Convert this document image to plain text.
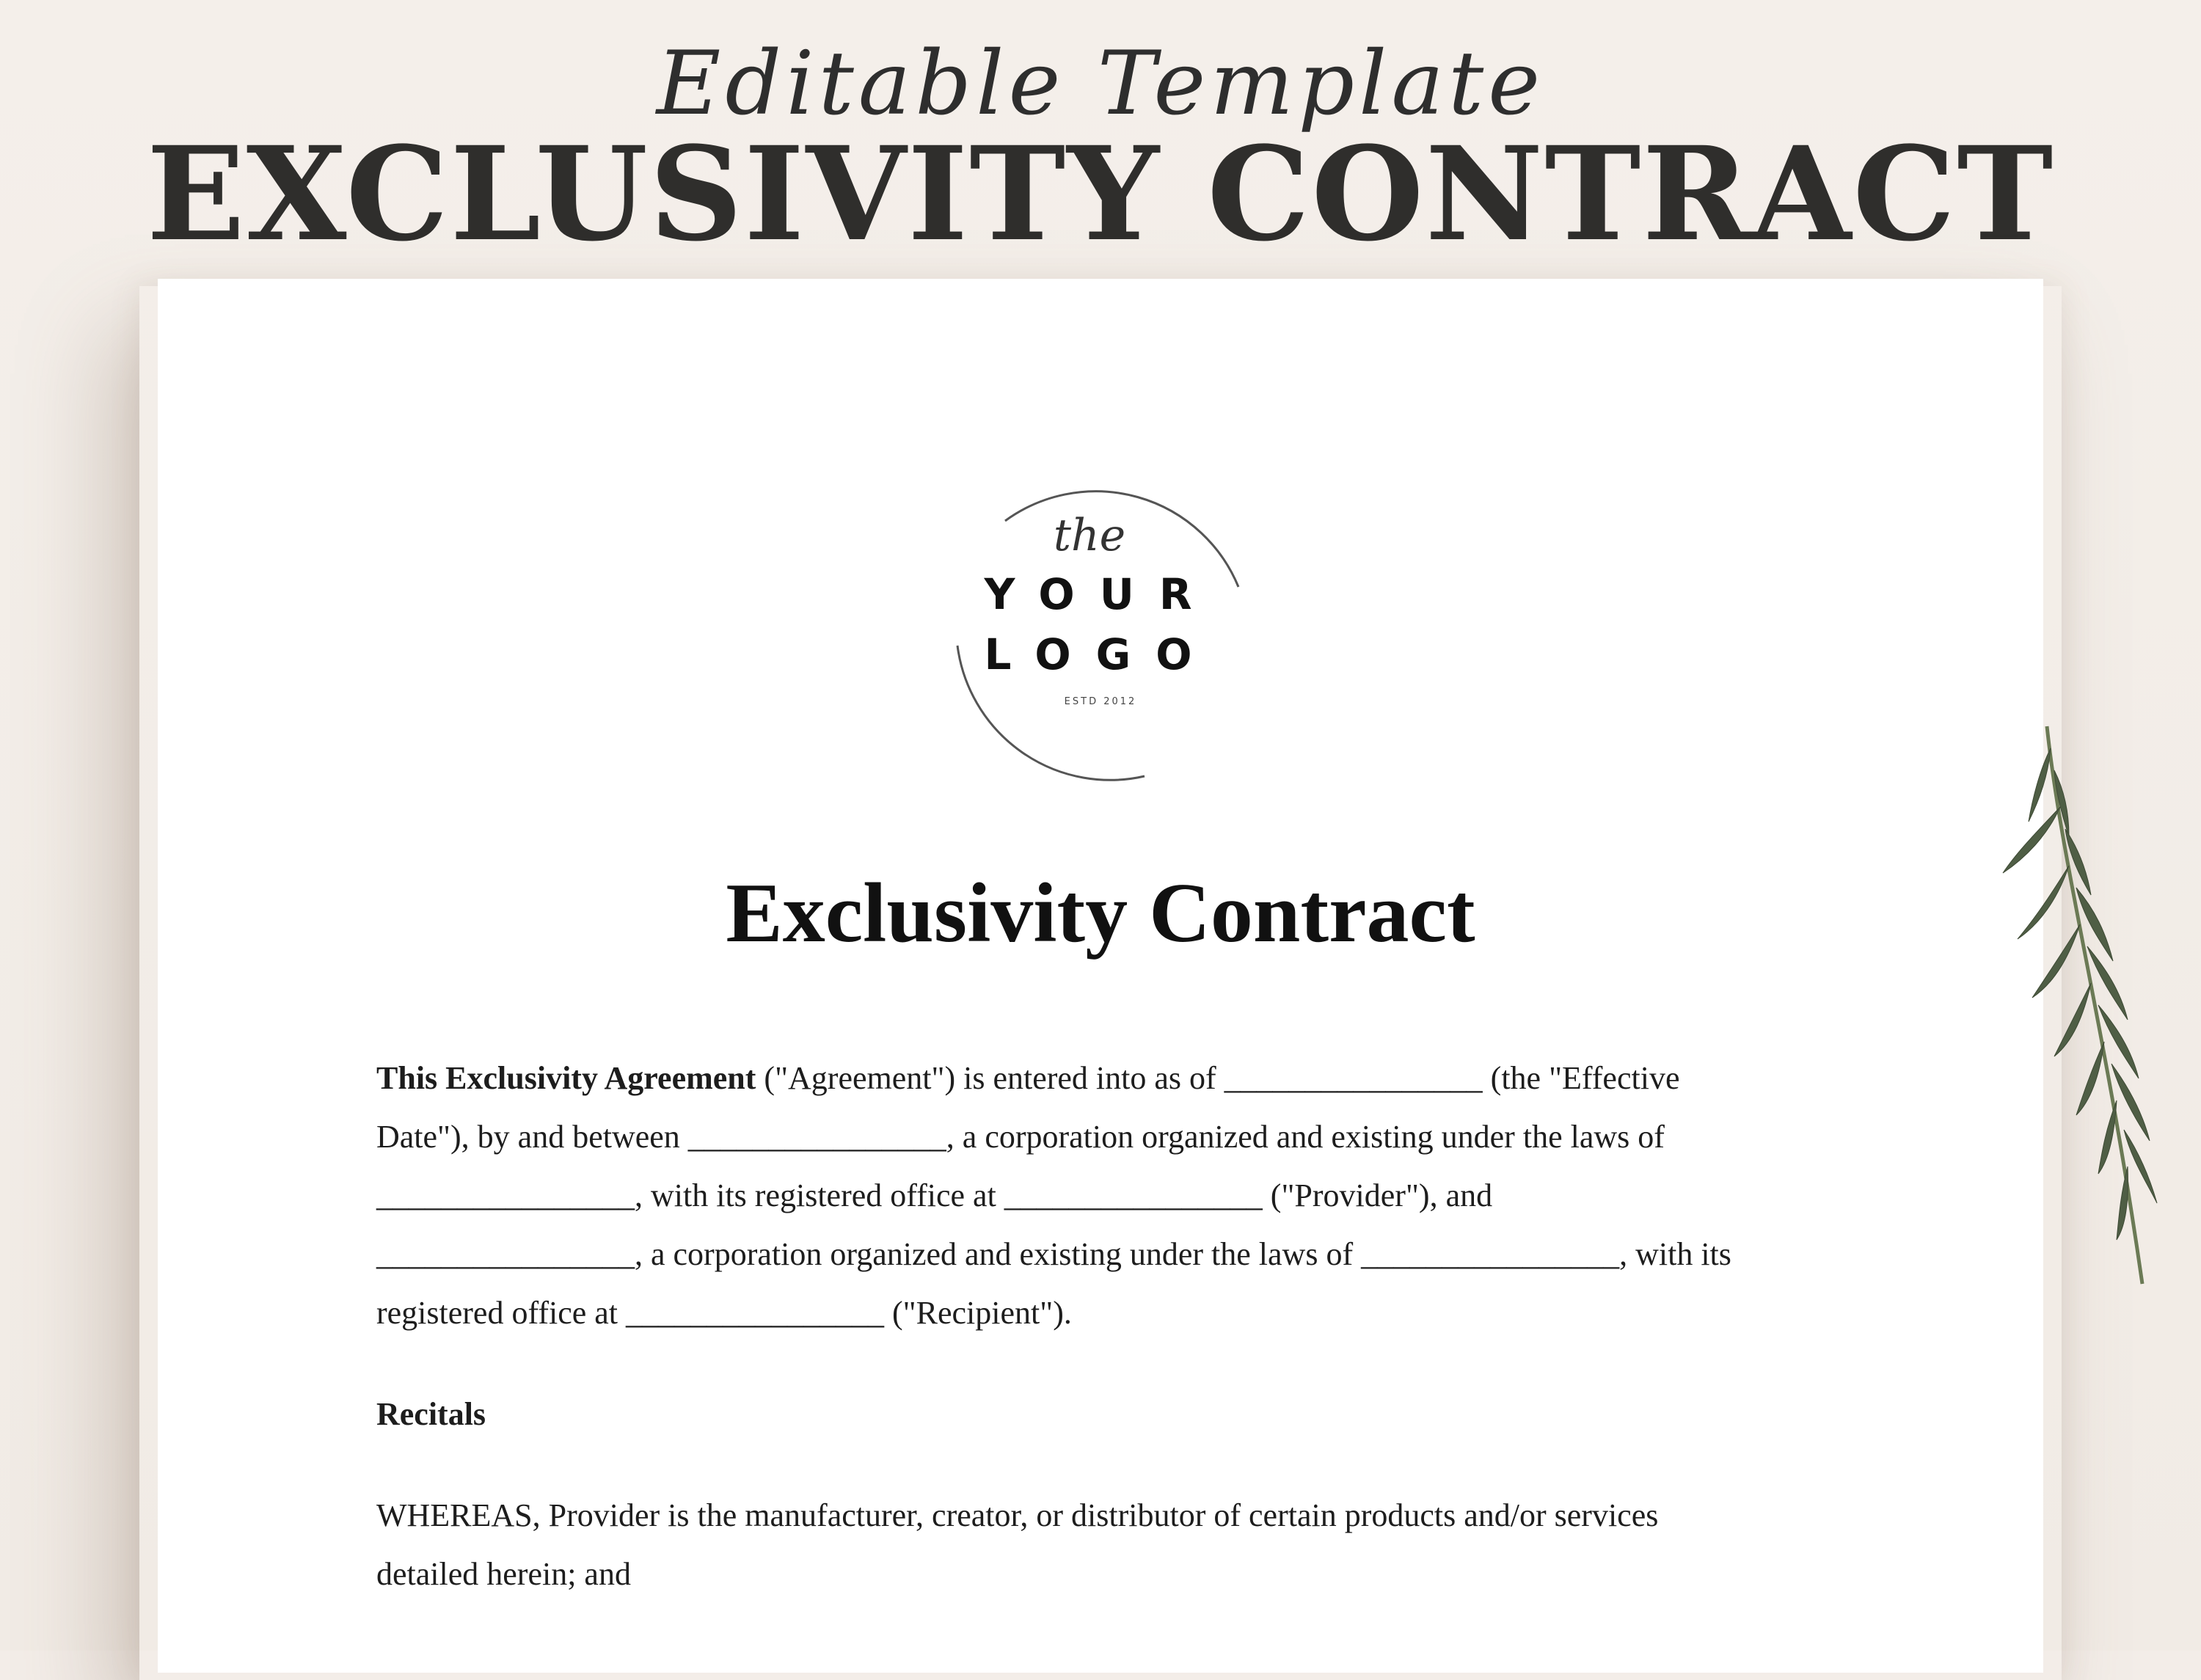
Editable Template
EXCLUSIVITY CONTRACT
the
YOUR
LOGO
ESTD 2012
Exclusivity Contract
This Exclusivity Agreement ("Agreement") is entered into as of ________________ (the "Effective
Date"), by and between ________________, a corporation organized and existing under the laws of
________________, with its registered office at ________________ ("Provider"), and
________________, a corporation organized and existing under the laws of ________________, with its
registered office at ________________ ("Recipient").
Recitals
WHEREAS, Provider is the manufacturer, creator, or distributor of certain products and/or services
detailed herein; and
